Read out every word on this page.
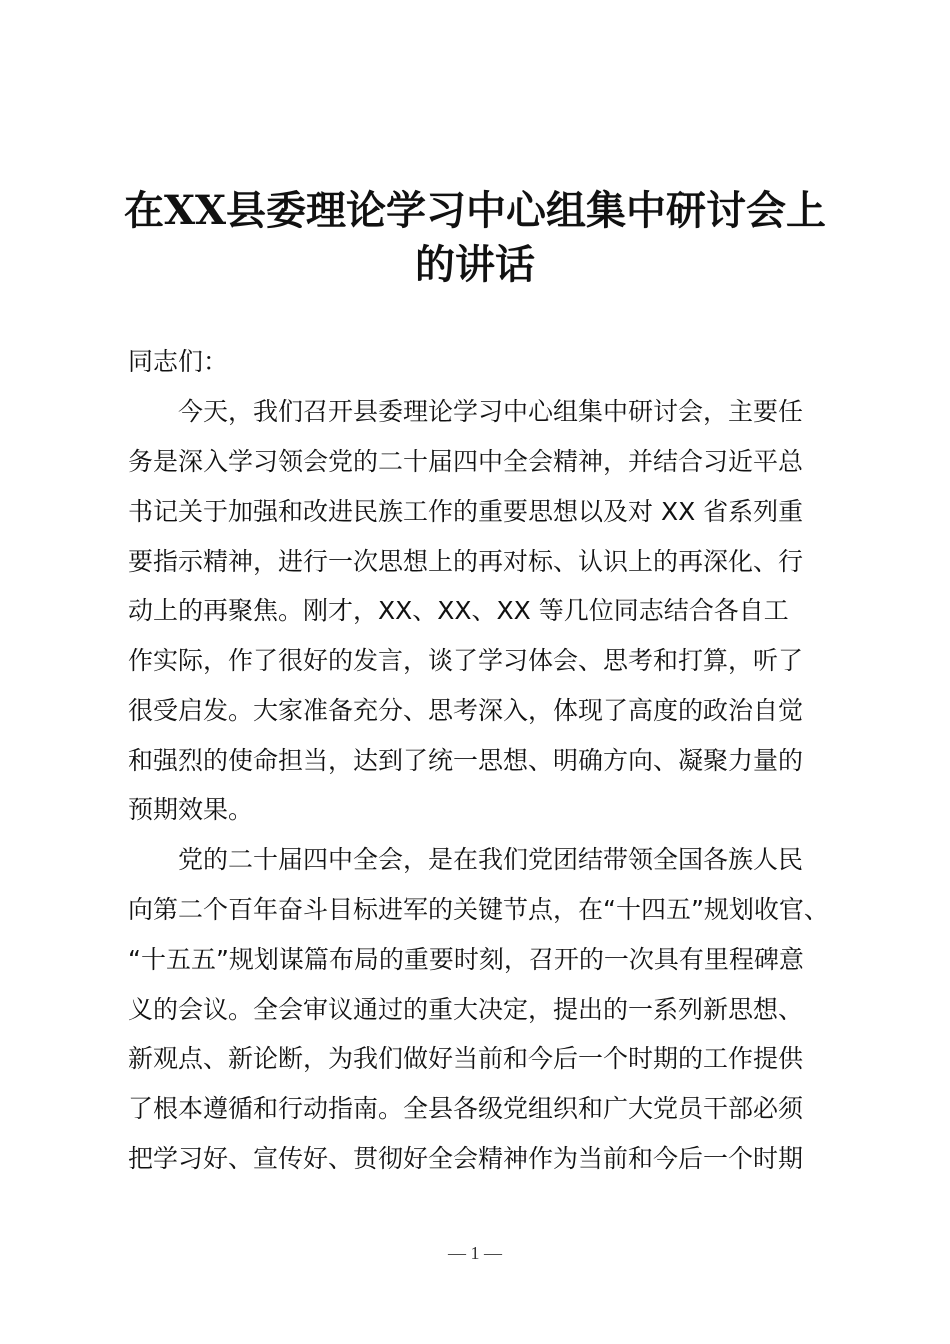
在XX县委理论学习中心组集中研讨会上
的讲话

同志们：

今天，我们召开县委理论学习中心组集中研讨会，主要任

务是深入学习领会党的二十届四中全会精神，并结合习近平总

书记关于加强和改进民族工作的重要思想以及对 XX 省系列重

要指示精神，进行一次思想上的再对标、认识上的再深化、行

动上的再聚焦。刚才，XX、XX、XX 等几位同志结合各自工

作实际，作了很好的发言，谈了学习体会、思考和打算，听了

很受启发。大家准备充分、思考深入，体现了高度的政治自觉

和强烈的使命担当，达到了统一思想、明确方向、凝聚力量的

预期效果。

党的二十届四中全会，是在我们党团结带领全国各族人民

向第二个百年奋斗目标进军的关键节点，在“十四五”规划收官、

“十五五”规划谋篇布局的重要时刻，召开的一次具有里程碑意

义的会议。全会审议通过的重大决定，提出的一系列新思想、

新观点、新论断，为我们做好当前和今后一个时期的工作提供

了根本遵循和行动指南。全县各级党组织和广大党员干部必须

把学习好、宣传好、贯彻好全会精神作为当前和今后一个时期

— 1 —
